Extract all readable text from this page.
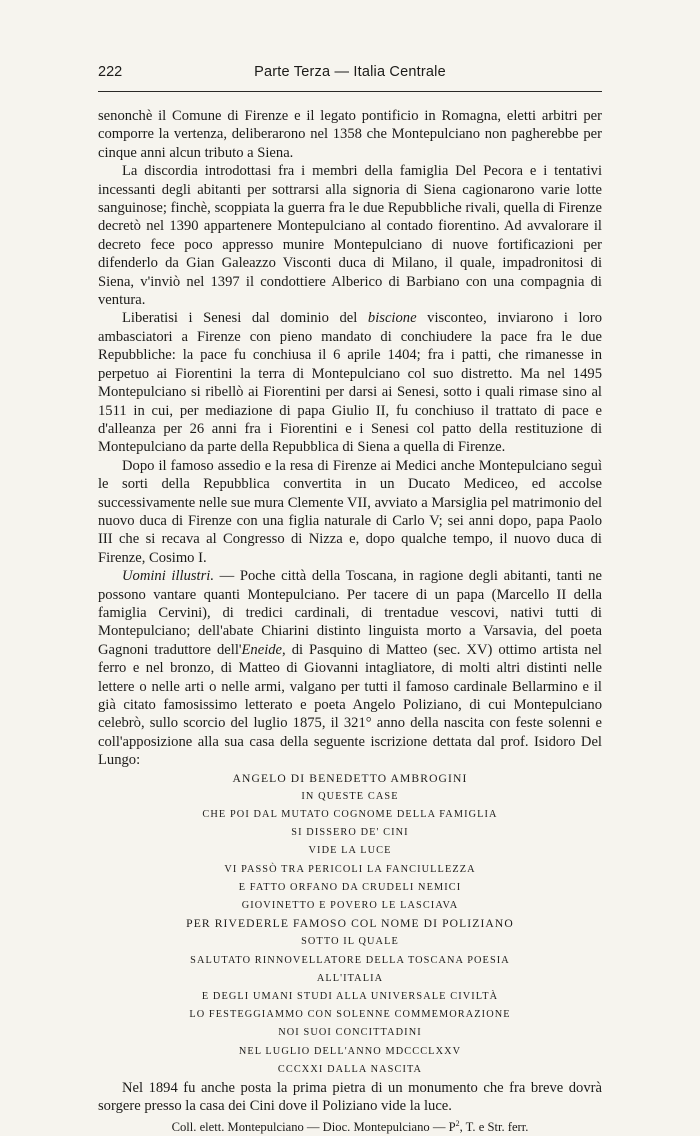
222	Parte Terza — Italia Centrale

senonchè il Comune di Firenze e il legato pontificio in Romagna, eletti arbitri per comporre la vertenza, deliberarono nel 1358 che Montepulciano non pagherebbe per cinque anni alcun tributo a Siena.

La discordia introdottasi fra i membri della famiglia Del Pecora e i tentativi incessanti degli abitanti per sottrarsi alla signoria di Siena cagionarono varie lotte sanguinose; finchè, scoppiata la guerra fra le due Repubbliche rivali, quella di Firenze decretò nel 1390 appartenere Montepulciano al contado fiorentino. Ad avvalorare il decreto fece poco appresso munire Montepulciano di nuove fortificazioni per difenderlo da Gian Galeazzo Visconti duca di Milano, il quale, impadronitosi di Siena, v'inviò nel 1397 il condottiere Alberico di Barbiano con una compagnia di ventura.

Liberatisi i Senesi dal dominio del biscione visconteo, inviarono i loro ambasciatori a Firenze con pieno mandato di conchiudere la pace fra le due Repubbliche: la pace fu conchiusa il 6 aprile 1404; fra i patti, che rimanesse in perpetuo ai Fiorentini la terra di Montepulciano col suo distretto. Ma nel 1495 Montepulciano si ribellò ai Fiorentini per darsi ai Senesi, sotto i quali rimase sino al 1511 in cui, per mediazione di papa Giulio II, fu conchiuso il trattato di pace e d'alleanza per 26 anni fra i Fiorentini e i Senesi col patto della restituzione di Montepulciano da parte della Repubblica di Siena a quella di Firenze.

Dopo il famoso assedio e la resa di Firenze ai Medici anche Montepulciano seguì le sorti della Repubblica convertita in un Ducato Mediceo, ed accolse successivamente nelle sue mura Clemente VII, avviato a Marsiglia pel matrimonio del nuovo duca di Firenze con una figlia naturale di Carlo V; sei anni dopo, papa Paolo III che si recava al Congresso di Nizza e, dopo qualche tempo, il nuovo duca di Firenze, Cosimo I.

Uomini illustri. — Poche città della Toscana, in ragione degli abitanti, tanti ne possono vantare quanti Montepulciano. Per tacere di un papa (Marcello II della famiglia Cervini), di tredici cardinali, di trentadue vescovi, nativi tutti di Montepulciano; dell'abate Chiarini distinto linguista morto a Varsavia, del poeta Gagnoni traduttore dell'Eneide, di Pasquino di Matteo (sec. XV) ottimo artista nel ferro e nel bronzo, di Matteo di Giovanni intagliatore, di molti altri distinti nelle lettere o nelle arti o nelle armi, valgano per tutti il famoso cardinale Bellarmino e il già citato famosissimo letterato e poeta Angelo Poliziano, di cui Montepulciano celebrò, sullo scorcio del luglio 1875, il 321° anno della nascita con feste solenni e coll'apposizione alla sua casa della seguente iscrizione dettata dal prof. Isidoro Del Lungo:

ANGELO DI BENEDETTO AMBROGINI
IN QUESTE CASE
CHE POI DAL MUTATO COGNOME DELLA FAMIGLIA
SI DISSERO DE' CINI
VIDE LA LUCE
VI PASSÒ TRA PERICOLI LA FANCIULLEZZA
E FATTO ORFANO DA CRUDELI NEMICI
GIOVINETTO E POVERO LE LASCIAVA
PER RIVEDERLE FAMOSO COL NOME DI POLIZIANO
SOTTO IL QUALE
SALUTATO RINNOVELLATORE DELLA TOSCANA POESIA
ALL'ITALIA
E DEGLI UMANI STUDI ALLA UNIVERSALE CIVILTÀ
LO FESTEGGIAMMO CON SOLENNE COMMEMORAZIONE
NOI SUOI CONCITTADINI
NEL LUGLIO DELL'ANNO MDCCCLXXV
CCCXXI DALLA NASCITA

Nel 1894 fu anche posta la prima pietra di un monumento che fra breve dovrà sorgere presso la casa dei Cini dove il Poliziano vide la luce.

Coll. elett. Montepulciano — Dioc. Montepulciano — $P^2$, T. e Str. ferr.
